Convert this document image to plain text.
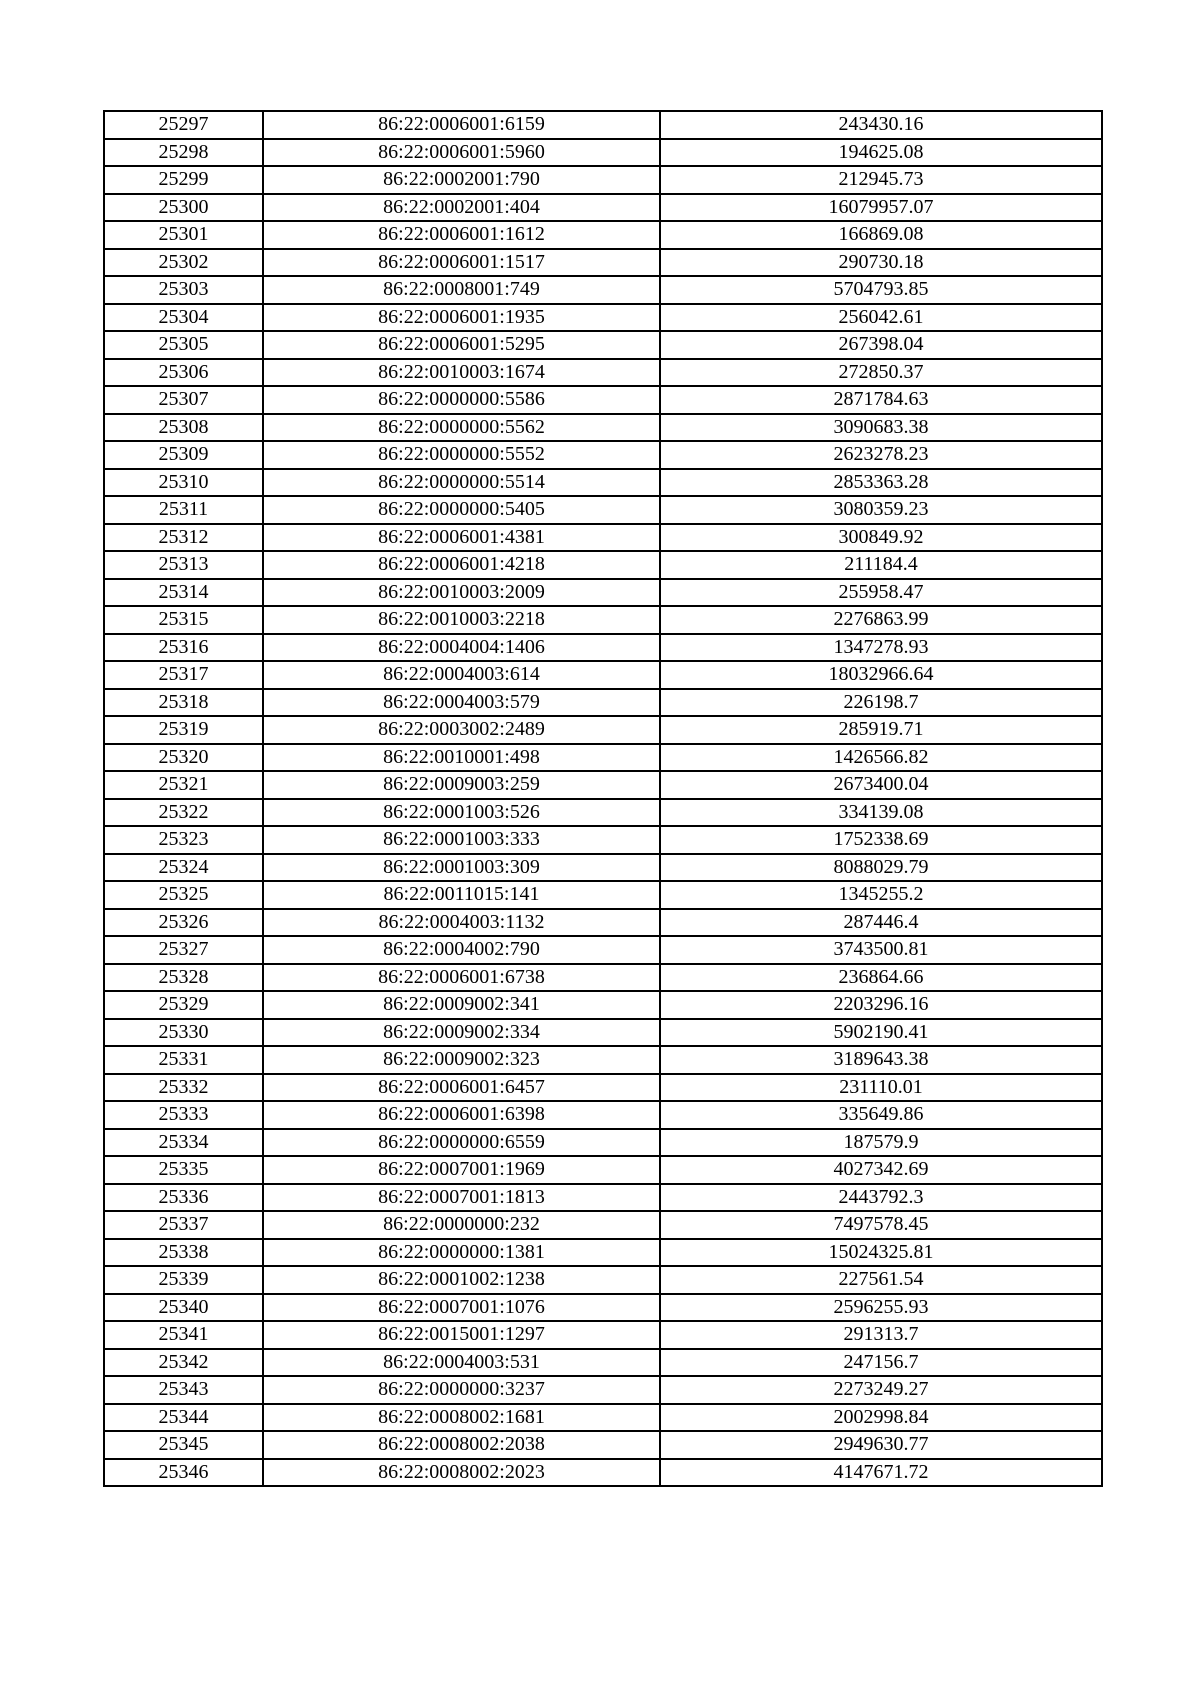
25297	86:22:0006001:6159	243430.16
25298	86:22:0006001:5960	194625.08
25299	86:22:0002001:790	212945.73
25300	86:22:0002001:404	16079957.07
25301	86:22:0006001:1612	166869.08
25302	86:22:0006001:1517	290730.18
25303	86:22:0008001:749	5704793.85
25304	86:22:0006001:1935	256042.61
25305	86:22:0006001:5295	267398.04
25306	86:22:0010003:1674	272850.37
25307	86:22:0000000:5586	2871784.63
25308	86:22:0000000:5562	3090683.38
25309	86:22:0000000:5552	2623278.23
25310	86:22:0000000:5514	2853363.28
25311	86:22:0000000:5405	3080359.23
25312	86:22:0006001:4381	300849.92
25313	86:22:0006001:4218	211184.4
25314	86:22:0010003:2009	255958.47
25315	86:22:0010003:2218	2276863.99
25316	86:22:0004004:1406	1347278.93
25317	86:22:0004003:614	18032966.64
25318	86:22:0004003:579	226198.7
25319	86:22:0003002:2489	285919.71
25320	86:22:0010001:498	1426566.82
25321	86:22:0009003:259	2673400.04
25322	86:22:0001003:526	334139.08
25323	86:22:0001003:333	1752338.69
25324	86:22:0001003:309	8088029.79
25325	86:22:0011015:141	1345255.2
25326	86:22:0004003:1132	287446.4
25327	86:22:0004002:790	3743500.81
25328	86:22:0006001:6738	236864.66
25329	86:22:0009002:341	2203296.16
25330	86:22:0009002:334	5902190.41
25331	86:22:0009002:323	3189643.38
25332	86:22:0006001:6457	231110.01
25333	86:22:0006001:6398	335649.86
25334	86:22:0000000:6559	187579.9
25335	86:22:0007001:1969	4027342.69
25336	86:22:0007001:1813	2443792.3
25337	86:22:0000000:232	7497578.45
25338	86:22:0000000:1381	15024325.81
25339	86:22:0001002:1238	227561.54
25340	86:22:0007001:1076	2596255.93
25341	86:22:0015001:1297	291313.7
25342	86:22:0004003:531	247156.7
25343	86:22:0000000:3237	2273249.27
25344	86:22:0008002:1681	2002998.84
25345	86:22:0008002:2038	2949630.77
25346	86:22:0008002:2023	4147671.72
